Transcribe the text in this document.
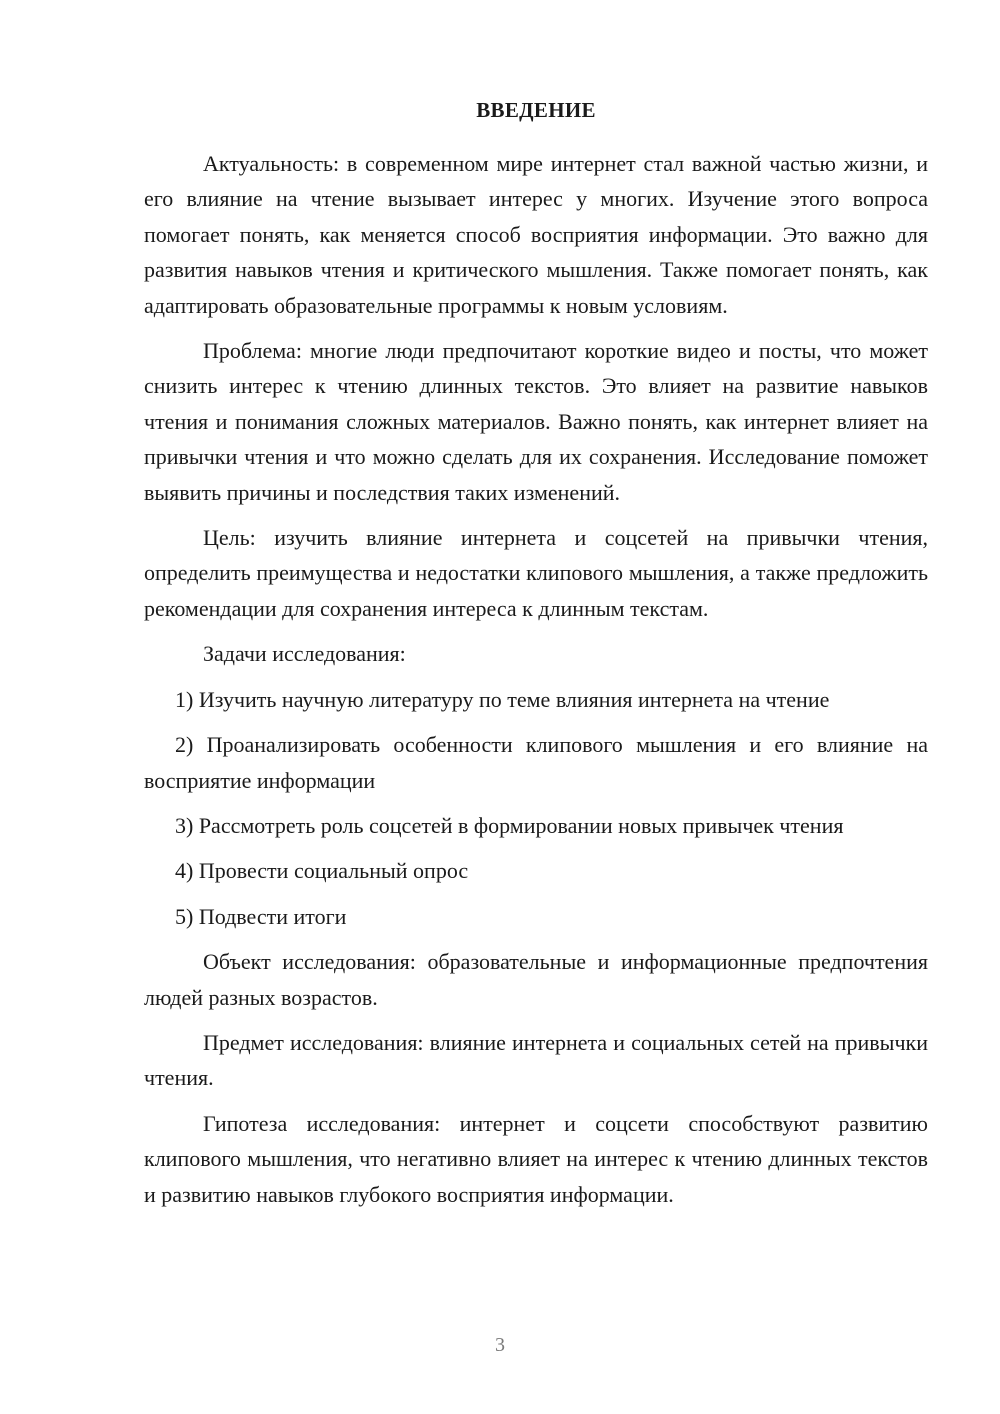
ВВЕДЕНИЕ

Актуальность: в современном мире интернет стал важной частью жизни, и его влияние на чтение вызывает интерес у многих. Изучение этого вопроса помогает понять, как меняется способ восприятия информации. Это важно для развития навыков чтения и критического мышления. Также помогает понять, как адаптировать образовательные программы к новым условиям.

Проблема: многие люди предпочитают короткие видео и посты, что может снизить интерес к чтению длинных текстов. Это влияет на развитие навыков чтения и понимания сложных материалов. Важно понять, как интернет влияет на привычки чтения и что можно сделать для их сохранения. Исследование поможет выявить причины и последствия таких изменений.

Цель: изучить влияние интернета и соцсетей на привычки чтения, определить преимущества и недостатки клипового мышления, а также предложить рекомендации для сохранения интереса к длинным текстам.

Задачи исследования:

1) Изучить научную литературу по теме влияния интернета на чтение

2) Проанализировать особенности клипового мышления и его влияние на восприятие информации

3) Рассмотреть роль соцсетей в формировании новых привычек чтения

4) Провести социальный опрос

5) Подвести итоги

Объект исследования: образовательные и информационные предпочтения людей разных возрастов.

Предмет исследования: влияние интернета и социальных сетей на привычки чтения.

Гипотеза исследования: интернет и соцсети способствуют развитию клипового мышления, что негативно влияет на интерес к чтению длинных текстов и развитию навыков глубокого восприятия информации.

3
